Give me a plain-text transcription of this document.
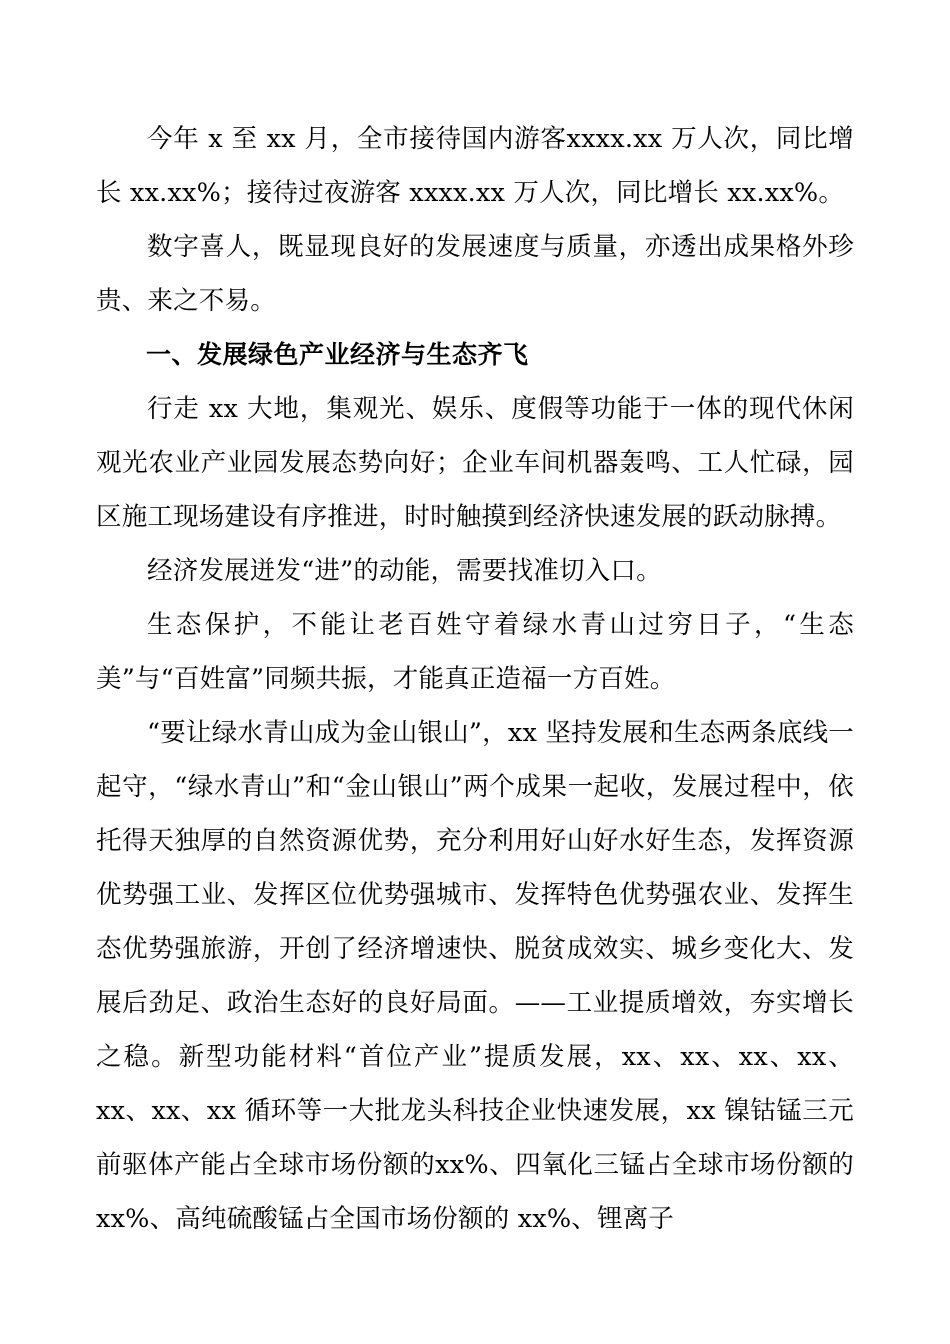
今年 x 至 xx 月，全市接待国内游客xxxx.xx 万人次，同比增长 xx.xx%；接待过夜游客 xxxx.xx 万人次，同比增长 xx.xx%。

数字喜人，既显现良好的发展速度与质量，亦透出成果格外珍贵、来之不易。

一、发展绿色产业经济与生态齐飞

行走 xx 大地，集观光、娱乐、度假等功能于一体的现代休闲观光农业产业园发展态势向好；企业车间机器轰鸣、工人忙碌，园区施工现场建设有序推进，时时触摸到经济快速发展的跃动脉搏。

经济发展迸发“进”的动能，需要找准切入口。

生态保护，不能让老百姓守着绿水青山过穷日子，“生态美”与“百姓富”同频共振，才能真正造福一方百姓。

“要让绿水青山成为金山银山”，xx 坚持发展和生态两条底线一起守，“绿水青山”和“金山银山”两个成果一起收，发展过程中，依托得天独厚的自然资源优势，充分利用好山好水好生态，发挥资源优势强工业、发挥区位优势强城市、发挥特色优势强农业、发挥生态优势强旅游，开创了经济增速快、脱贫成效实、城乡变化大、发展后劲足、政治生态好的良好局面。——工业提质增效，夯实增长之稳。新型功能材料“首位产业”提质发展，xx、xx、xx、xx、xx、xx、xx 循环等一大批龙头科技企业快速发展，xx 镍钴锰三元前驱体产能占全球市场份额的xx%、四氧化三锰占全球市场份额的 xx%、高纯硫酸锰占全国市场份额的 xx%、锂离子
